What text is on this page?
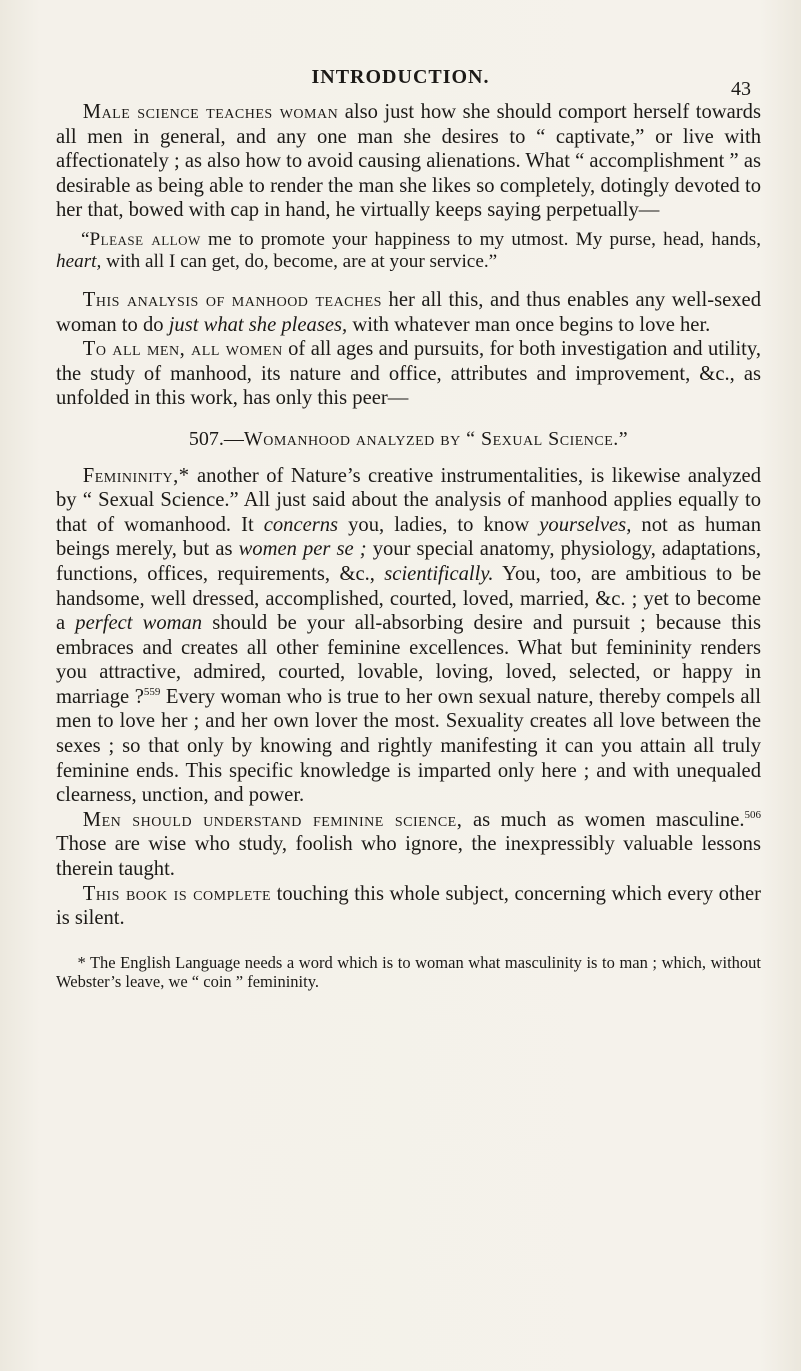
INTRODUCTION.
43

Male science teaches woman also just how she should comport herself towards all men in general, and any one man she desires to “ captivate,” or live with affectionately ; as also how to avoid causing alienations. What “ accomplishment ” as desirable as being able to render the man she likes so completely, dotingly devoted to her that, bowed with cap in hand, he virtually keeps saying perpetually—

“Please allow me to promote your happiness to my utmost. My purse, head, hands, heart, with all I can get, do, become, are at your service.”

This analysis of manhood teaches her all this, and thus enables any well-sexed woman to do just what she pleases, with whatever man once begins to love her.

To all men, all women of all ages and pursuits, for both investigation and utility, the study of manhood, its nature and office, attributes and improvement, &c., as unfolded in this work, has only this peer—

507.—Womanhood analyzed by “ Sexual Science.”

Femininity,* another of Nature’s creative instrumentalities, is likewise analyzed by “ Sexual Science.” All just said about the analysis of manhood applies equally to that of womanhood. It concerns you, ladies, to know yourselves, not as human beings merely, but as women per se ; your special anatomy, physiology, adaptations, functions, offices, requirements, &c., scientifically. You, too, are ambitious to be handsome, well dressed, accomplished, courted, loved, married, &c. ; yet to become a perfect woman should be your all-absorbing desire and pursuit ; because this embraces and creates all other feminine excellences. What but femininity renders you attractive, admired, courted, lovable, loving, loved, selected, or happy in marriage ?$^{559}$ Every woman who is true to her own sexual nature, thereby compels all men to love her ; and her own lover the most. Sexuality creates all love between the sexes ; so that only by knowing and rightly manifesting it can you attain all truly feminine ends. This specific knowledge is imparted only here ; and with unequaled clearness, unction, and power.

Men should understand feminine science, as much as women masculine.$^{506}$ Those are wise who study, foolish who ignore, the inexpressibly valuable lessons therein taught.

This book is complete touching this whole subject, concerning which every other is silent.

* The English Language needs a word which is to woman what masculinity is to man ; which, without Webster’s leave, we “ coin ” femininity.
